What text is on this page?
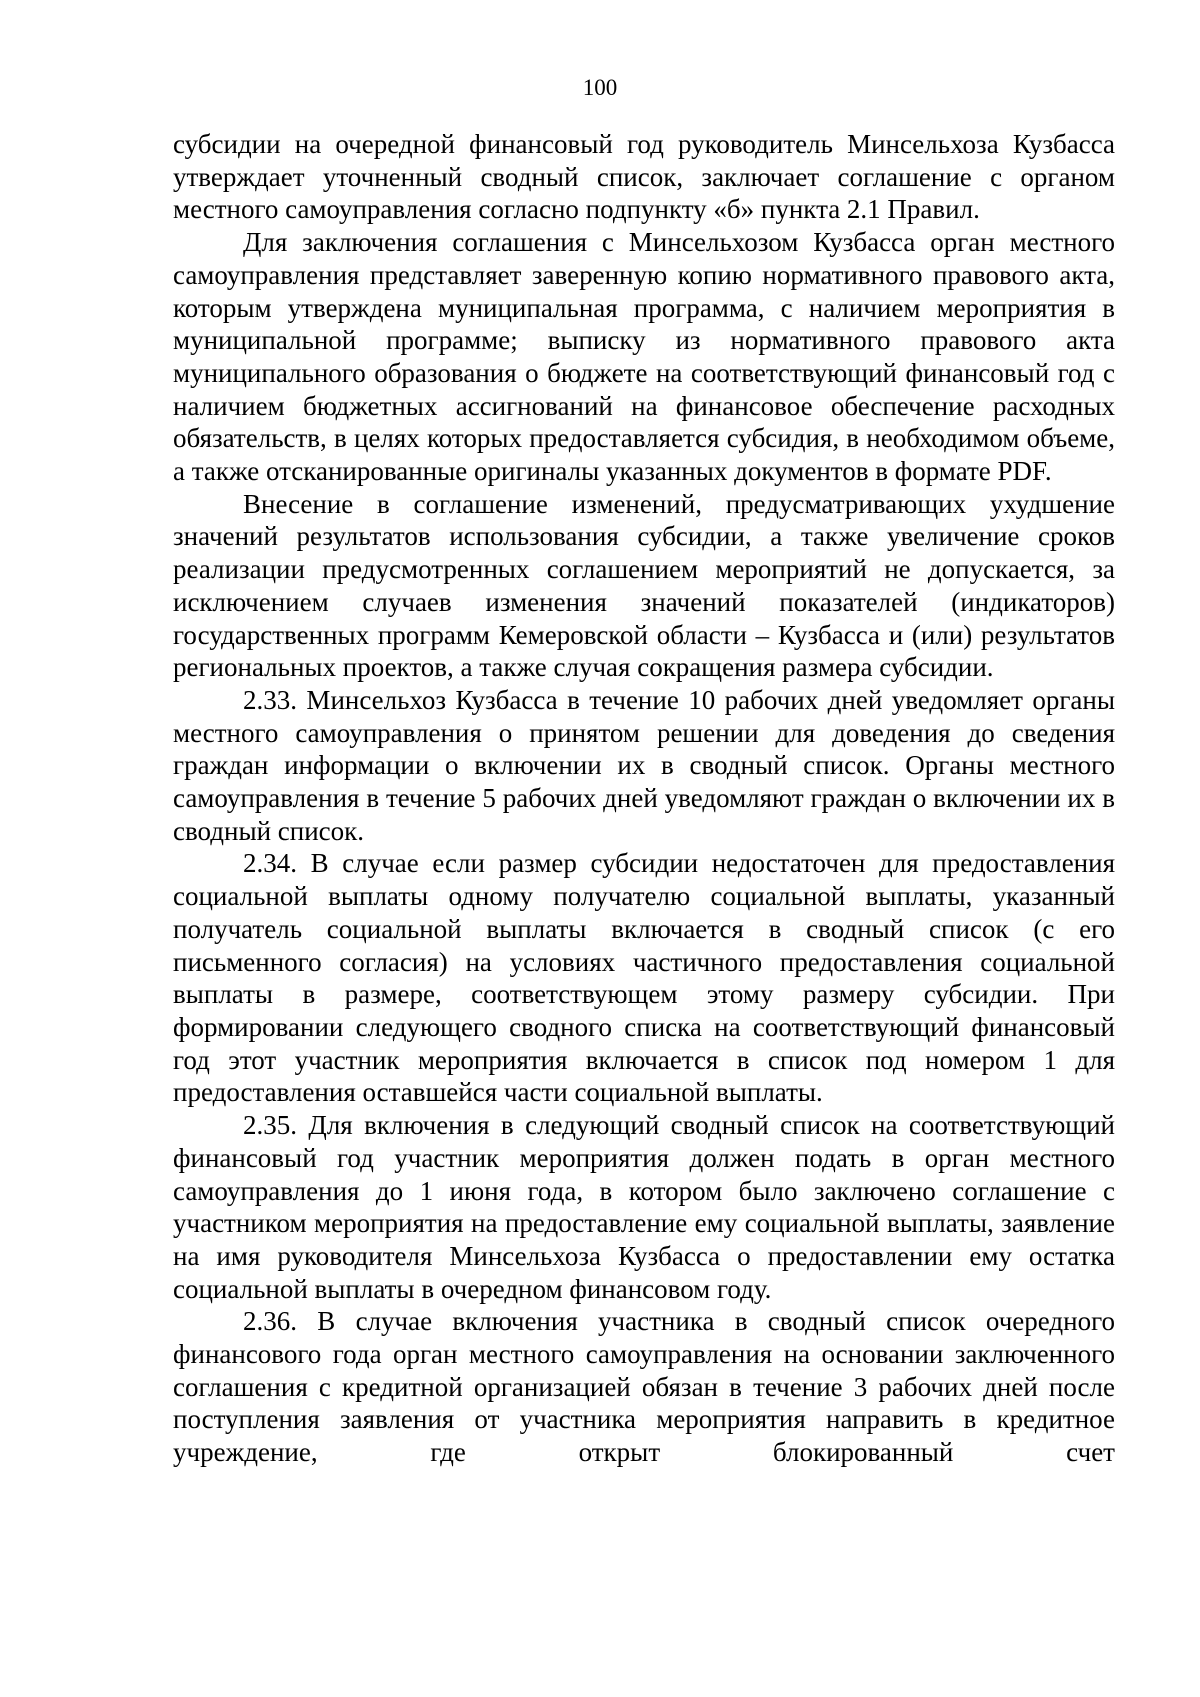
100

субсидии на очередной финансовый год руководитель Минсельхоза Кузбасса утверждает уточненный сводный список, заключает соглашение с органом местного самоуправления согласно подпункту «б» пункта 2.1 Правил.

Для заключения соглашения с Минсельхозом Кузбасса орган местного самоуправления представляет заверенную копию нормативного правового акта, которым утверждена муниципальная программа, с наличием мероприятия в муниципальной программе; выписку из нормативного правового акта муниципального образования о бюджете на соответствующий финансовый год с наличием бюджетных ассигнований на финансовое обеспечение расходных обязательств, в целях которых предоставляется субсидия, в необходимом объеме, а также отсканированные оригиналы указанных документов в формате PDF.

Внесение в соглашение изменений, предусматривающих ухудшение значений результатов использования субсидии, а также увеличение сроков реализации предусмотренных соглашением мероприятий не допускается, за исключением случаев изменения значений показателей (индикаторов) государственных программ Кемеровской области – Кузбасса и (или) результатов региональных проектов, а также случая сокращения размера субсидии.

2.33. Минсельхоз Кузбасса в течение 10 рабочих дней уведомляет органы местного самоуправления о принятом решении для доведения до сведения граждан информации о включении их в сводный список. Органы местного самоуправления в течение 5 рабочих дней уведомляют граждан о включении их в сводный список.

2.34. В случае если размер субсидии недостаточен для предоставления социальной выплаты одному получателю социальной выплаты, указанный получатель социальной выплаты включается в сводный список (с его письменного согласия) на условиях частичного предоставления социальной выплаты в размере, соответствующем этому размеру субсидии. При формировании следующего сводного списка на соответствующий финансовый год этот участник мероприятия включается в список под номером 1 для предоставления оставшейся части социальной выплаты.

2.35. Для включения в следующий сводный список на соответствующий финансовый год участник мероприятия должен подать в орган местного самоуправления до 1 июня года, в котором было заключено соглашение с участником мероприятия на предоставление ему социальной выплаты, заявление на имя руководителя Минсельхоза Кузбасса о предоставлении ему остатка социальной выплаты в очередном финансовом году.

2.36. В случае включения участника в сводный список очередного финансового года орган местного самоуправления на основании заключенного соглашения с кредитной организацией обязан в течение 3 рабочих дней после поступления заявления от участника мероприятия направить в кредитное учреждение, где открыт блокированный счет
